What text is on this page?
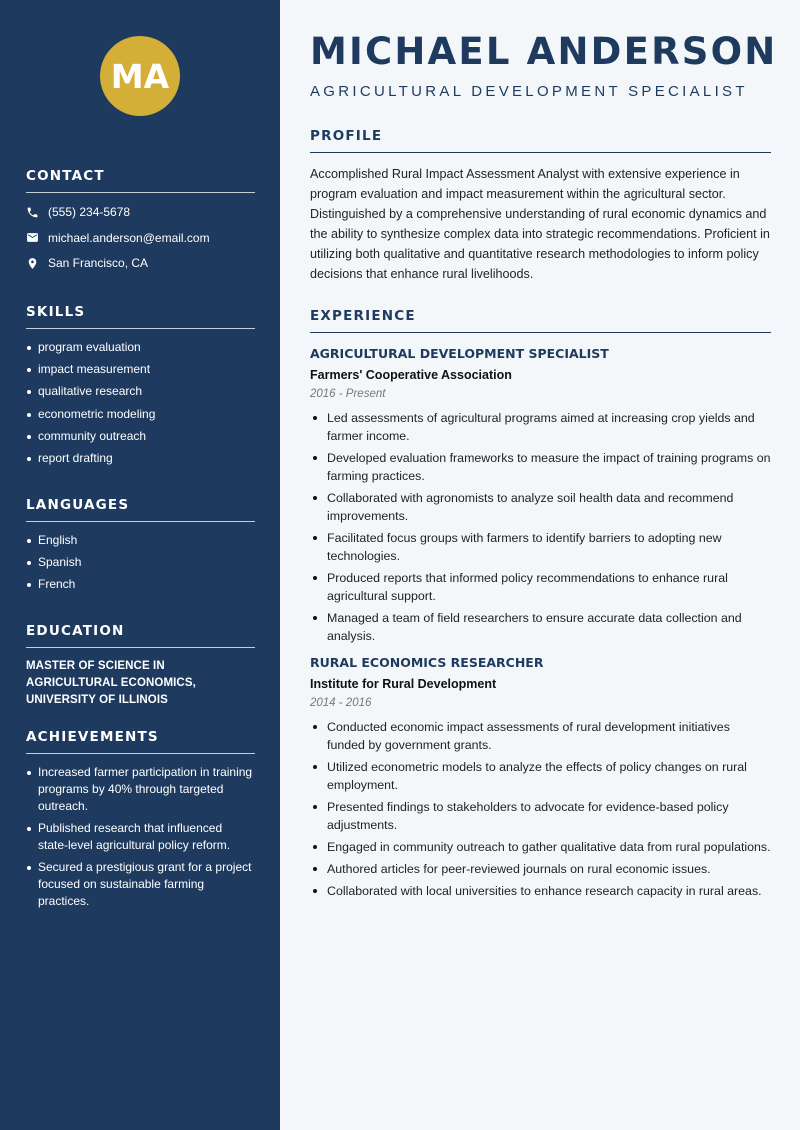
MA
CONTACT
(555) 234-5678
michael.anderson@email.com
San Francisco, CA
SKILLS
program evaluation
impact measurement
qualitative research
econometric modeling
community outreach
report drafting
LANGUAGES
English
Spanish
French
EDUCATION
MASTER OF SCIENCE IN AGRICULTURAL ECONOMICS, UNIVERSITY OF ILLINOIS
ACHIEVEMENTS
Increased farmer participation in training programs by 40% through targeted outreach.
Published research that influenced state-level agricultural policy reform.
Secured a prestigious grant for a project focused on sustainable farming practices.
MICHAEL ANDERSON
AGRICULTURAL DEVELOPMENT SPECIALIST
PROFILE
Accomplished Rural Impact Assessment Analyst with extensive experience in program evaluation and impact measurement within the agricultural sector. Distinguished by a comprehensive understanding of rural economic dynamics and the ability to synthesize complex data into strategic recommendations. Proficient in utilizing both qualitative and quantitative research methodologies to inform policy decisions that enhance rural livelihoods.
EXPERIENCE
AGRICULTURAL DEVELOPMENT SPECIALIST
Farmers' Cooperative Association
2016 - Present
Led assessments of agricultural programs aimed at increasing crop yields and farmer income.
Developed evaluation frameworks to measure the impact of training programs on farming practices.
Collaborated with agronomists to analyze soil health data and recommend improvements.
Facilitated focus groups with farmers to identify barriers to adopting new technologies.
Produced reports that informed policy recommendations to enhance rural agricultural support.
Managed a team of field researchers to ensure accurate data collection and analysis.
RURAL ECONOMICS RESEARCHER
Institute for Rural Development
2014 - 2016
Conducted economic impact assessments of rural development initiatives funded by government grants.
Utilized econometric models to analyze the effects of policy changes on rural employment.
Presented findings to stakeholders to advocate for evidence-based policy adjustments.
Engaged in community outreach to gather qualitative data from rural populations.
Authored articles for peer-reviewed journals on rural economic issues.
Collaborated with local universities to enhance research capacity in rural areas.
